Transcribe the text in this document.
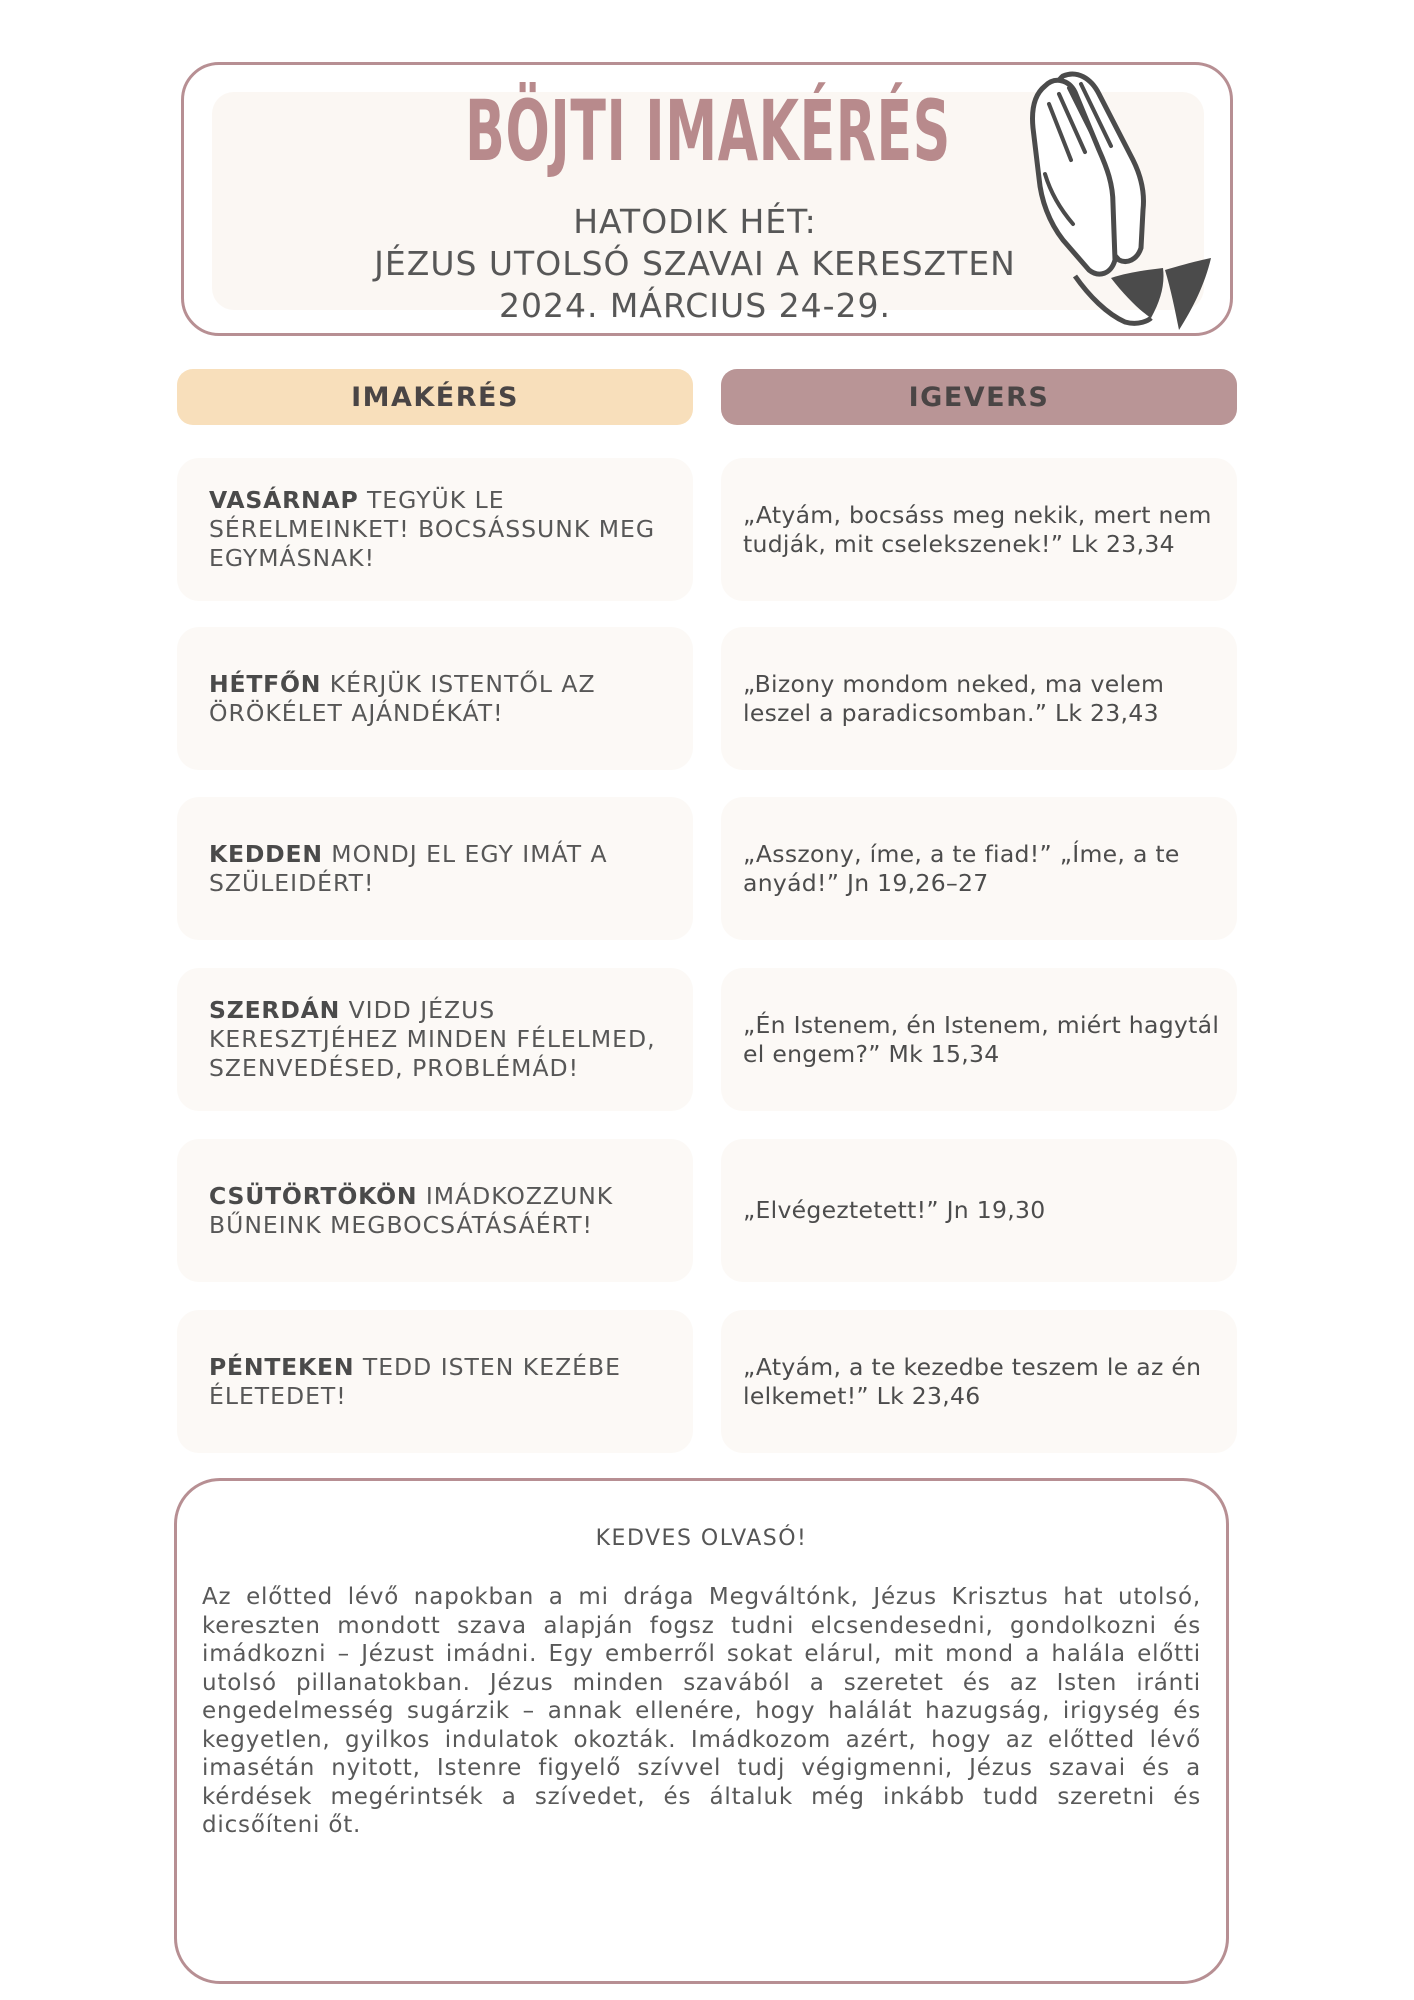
BÖJTI IMAKÉRÉS
HATODIK HÉT:
JÉZUS UTOLSÓ SZAVAI A KERESZTEN
2024. MÁRCIUS 24-29.
IMAKÉRÉS	IGEVERS
VASÁRNAP TEGYÜK LE SÉRELMEINKET! BOCSÁSSUNK MEG EGYMÁSNAK!
„Atyám, bocsáss meg nekik, mert nem tudják, mit cselekszenek!” Lk 23,34
HÉTFŐN KÉRJÜK ISTENTŐL AZ ÖRÖKÉLET AJÁNDÉKÁT!
„Bizony mondom neked, ma velem leszel a paradicsomban.” Lk 23,43
KEDDEN MONDJ EL EGY IMÁT A SZÜLEIDÉRT!
„Asszony, íme, a te fiad!” „Íme, a te anyád!” Jn 19,26–27
SZERDÁN VIDD JÉZUS KERESZTJÉHEZ MINDEN FÉLELMED, SZENVEDÉSED, PROBLÉMÁD!
„Én Istenem, én Istenem, miért hagytál el engem?” Mk 15,34
CSÜTÖRTÖKÖN IMÁDKOZZUNK BŰNEINK MEGBOCSÁTÁSÁÉRT!
„Elvégeztetett!” Jn 19,30
PÉNTEKEN TEDD ISTEN KEZÉBE ÉLETEDET!
„Atyám, a te kezedbe teszem le az én lelkemet!” Lk 23,46
KEDVES OLVASÓ!
Az előtted lévő napokban a mi drága Megváltónk, Jézus Krisztus hat utolsó, kereszten mondott szava alapján fogsz tudni elcsendesedni, gondolkozni és imádkozni – Jézust imádni. Egy emberről sokat elárul, mit mond a halála előtti utolsó pillanatokban. Jézus minden szavából a szeretet és az Isten iránti engedelmesség sugárzik – annak ellenére, hogy halálát hazugság, irigység és kegyetlen, gyilkos indulatok okozták. Imádkozom azért, hogy az előtted lévő imasétán nyitott, Istenre figyelő szívvel tudj végigmenni, Jézus szavai és a kérdések megérintsék a szívedet, és általuk még inkább tudd szeretni és dicsőíteni őt.
